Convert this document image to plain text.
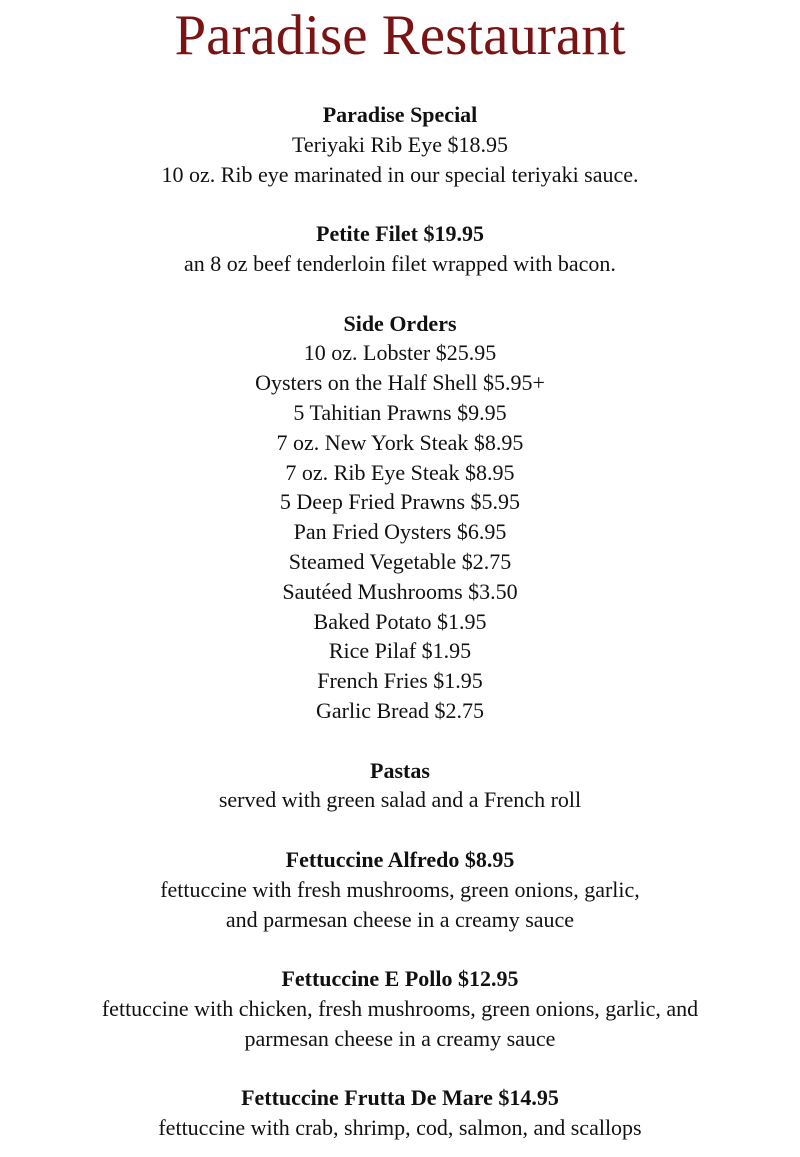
Paradise Restaurant
Paradise Special
Teriyaki Rib Eye $18.95
10 oz. Rib eye marinated in our special teriyaki sauce.
Petite Filet $19.95
an 8 oz beef tenderloin filet wrapped with bacon.
Side Orders
10 oz. Lobster $25.95
Oysters on the Half Shell $5.95+
5 Tahitian Prawns $9.95
7 oz. New York Steak $8.95
7 oz. Rib Eye Steak $8.95
5 Deep Fried Prawns $5.95
Pan Fried Oysters $6.95
Steamed Vegetable $2.75
Sautéed Mushrooms $3.50
Baked Potato $1.95
Rice Pilaf $1.95
French Fries $1.95
Garlic Bread $2.75
Pastas
served with green salad and a French roll
Fettuccine Alfredo $8.95
fettuccine with fresh mushrooms, green onions, garlic,
and parmesan cheese in a creamy sauce
Fettuccine E Pollo $12.95
fettuccine with chicken, fresh mushrooms, green onions, garlic, and
parmesan cheese in a creamy sauce
Fettuccine Frutta De Mare $14.95
fettuccine with crab, shrimp, cod, salmon, and scallops
